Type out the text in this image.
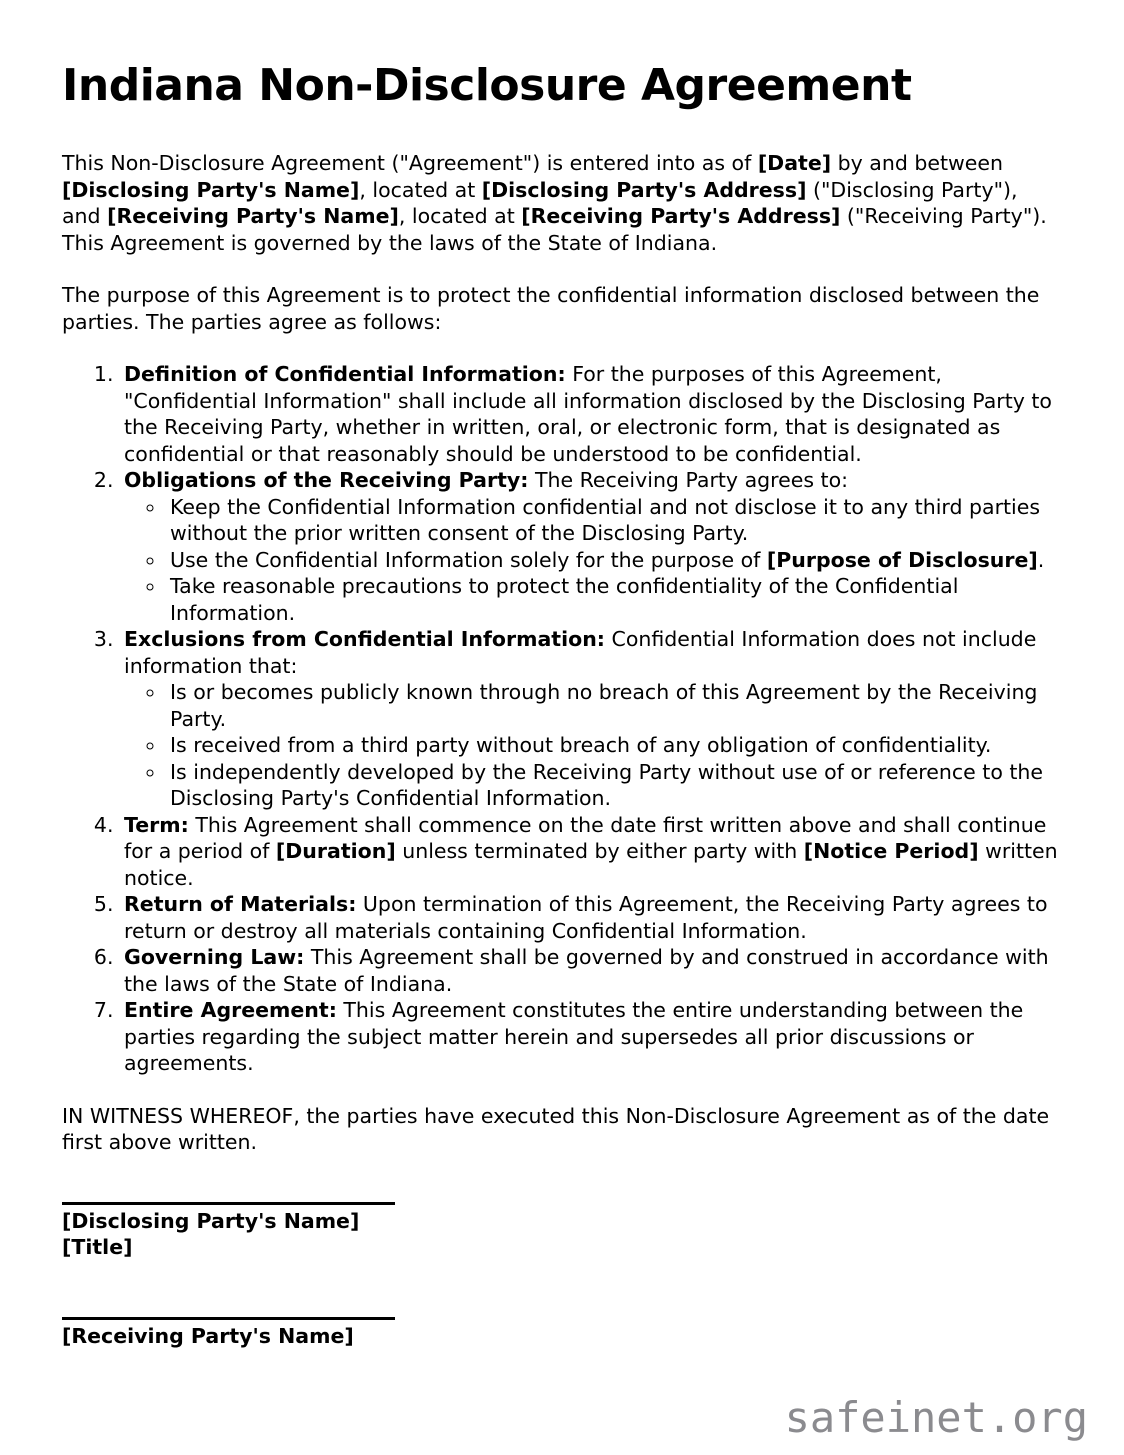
Indiana Non-Disclosure Agreement

This Non-Disclosure Agreement ("Agreement") is entered into as of [Date] by and between [Disclosing Party's Name], located at [Disclosing Party's Address] ("Disclosing Party"), and [Receiving Party's Name], located at [Receiving Party's Address] ("Receiving Party"). This Agreement is governed by the laws of the State of Indiana.

The purpose of this Agreement is to protect the confidential information disclosed between the parties. The parties agree as follows:

1. Definition of Confidential Information: For the purposes of this Agreement, "Confidential Information" shall include all information disclosed by the Disclosing Party to the Receiving Party, whether in written, oral, or electronic form, that is designated as confidential or that reasonably should be understood to be confidential.
2. Obligations of the Receiving Party: The Receiving Party agrees to:
◦ Keep the Confidential Information confidential and not disclose it to any third parties without the prior written consent of the Disclosing Party.
◦ Use the Confidential Information solely for the purpose of [Purpose of Disclosure].
◦ Take reasonable precautions to protect the confidentiality of the Confidential Information.
3. Exclusions from Confidential Information: Confidential Information does not include information that:
◦ Is or becomes publicly known through no breach of this Agreement by the Receiving Party.
◦ Is received from a third party without breach of any obligation of confidentiality.
◦ Is independently developed by the Receiving Party without use of or reference to the Disclosing Party's Confidential Information.
4. Term: This Agreement shall commence on the date first written above and shall continue for a period of [Duration] unless terminated by either party with [Notice Period] written notice.
5. Return of Materials: Upon termination of this Agreement, the Receiving Party agrees to return or destroy all materials containing Confidential Information.
6. Governing Law: This Agreement shall be governed by and construed in accordance with the laws of the State of Indiana.
7. Entire Agreement: This Agreement constitutes the entire understanding between the parties regarding the subject matter herein and supersedes all prior discussions or agreements.

IN WITNESS WHEREOF, the parties have executed this Non-Disclosure Agreement as of the date first above written.

[Disclosing Party's Name]

[Title]

[Receiving Party's Name]

safeinet.org
